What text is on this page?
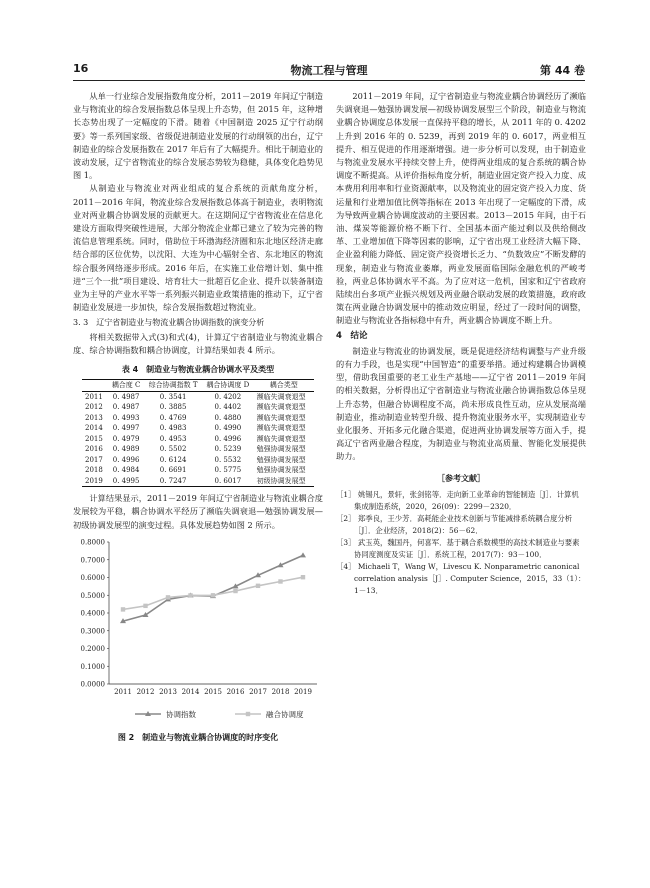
16	物流工程与管理	第 44 卷

从单一行业综合发展指数角度分析，2011－2019 年间辽宁制造业与物流业的综合发展指数总体呈现上升态势，但 2015 年，这种增长态势出现了一定幅度的下滑。随着《中国制造 2025 辽宁行动纲要》等一系列国家级、省级促进制造业发展的行动纲领的出台，辽宁制造业的综合发展指数在 2017 年后有了大幅提升。相比于制造业的波动发展，辽宁省物流业的综合发展态势较为稳健，具体变化趋势见图 1。

从制造业与物流业对两业组成的复合系统的贡献角度分析，2011－2016 年间，物流业综合发展指数总体高于制造业，表明物流业对两业耦合协调发展的贡献更大。在这期间辽宁省物流业在信息化建设方面取得突破性进展，大部分物流企业都已建立了较为完善的物流信息管理系统。同时，借助位于环渤海经济圈和东北地区经济走廊结合部的区位优势，以沈阳、大连为中心辐射全省、东北地区的物流综合服务网络逐步形成。2016 年后，在实施工业倍增计划、集中推进“三个一批”项目建设、培育壮大一批超百亿企业、提升以装备制造业为主导的产业水平等一系列振兴制造业政策措施的推动下，辽宁省制造业发展进一步加快，综合发展指数超过物流业。

3. 3　 辽宁省制造业与物流业耦合协调指数的演变分析

将相关数据带入式(3)和式(4)，计算辽宁省制造业与物流业耦合度、综合协调指数和耦合协调度，计算结果如表 4 所示。

表 4　制造业与物流业耦合协调水平及类型
	耦合度 C	综合协调指数 T	耦合协调度 D	耦合类型
2011	0. 4987	0. 3541	0. 4202	濒临失调衰退型
2012	0. 4987	0. 3885	0. 4402	濒临失调衰退型
2013	0. 4993	0. 4769	0. 4880	濒临失调衰退型
2014	0. 4997	0. 4983	0. 4990	濒临失调衰退型
2015	0. 4979	0. 4953	0. 4996	濒临失调衰退型
2016	0. 4989	0. 5502	0. 5239	勉强协调发展型
2017	0. 4996	0. 6124	0. 5532	勉强协调发展型
2018	0. 4984	0. 6691	0. 5775	勉强协调发展型
2019	0. 4995	0. 7247	0. 6017	初级协调发展型

计算结果显示，2011－2019 年间辽宁省制造业与物流业耦合度发展较为平稳，耦合协调水平经历了濒临失调衰退—勉强协调发展—初级协调发展型的演变过程。具体发展趋势如图 2 所示。

0.0000
0.1000
0.2000
0.3000
0.4000
0.5000
0.6000
0.7000
0.8000
2011 2012 2013 2014 2015 2016 2017 2018 2019
协调指数	融合协调度
图 2　制造业与物流业耦合协调度的时序变化

2011－2019 年间，辽宁省制造业与物流业耦合协调经历了濒临失调衰退—勉强协调发展—初级协调发展型三个阶段，制造业与物流业耦合协调度总体发展一直保持平稳的增长，从 2011 年的 0. 4202 上升到 2016 年的 0. 5239，再到 2019 年的 0. 6017，两业相互提升、相互促进的作用逐渐增强。进一步分析可以发现，由于制造业与物流业发展水平持续交替上升，使得两业组成的复合系统的耦合协调度不断提高。从评价指标角度分析，制造业固定资产投入力度、成本费用利用率和行业资源献率，以及物流业的固定资产投入力度、货运量和行业增加值比例等指标在 2013 年出现了一定幅度的下滑，成为导致两业耦合协调度波动的主要因素。2013－2015 年间，由于石油、煤炭等能源价格不断下行、全国基本面产能过剩以及供给侧改革、工业增加值下降等因素的影响，辽宁省出现工业经济大幅下降、企业盈利能力降低、固定资产投资增长乏力、“负数效应”不断发酵的现象，制造业与物流业萎靡，两业发展面临国际金融危机的严峻考验，两业总体协调水平不高。为了应对这一危机，国家和辽宁省政府陆续出台多项产业振兴规划及两业融合联动发展的政策措施，政府政策在两业融合协调发展中的推动效应明显，经过了一段时间的调整，制造业与物流业各指标稳中有升，两业耦合协调度不断上升。

4　 结论

制造业与物流业的协调发展，既是促进经济结构调整与产业升级的有力手段，也是实现“中国智造”的重要举措。通过构建耦合协调模型，借助我国重要的老工业生产基地——辽宁省 2011－2019 年间的相关数据，分析得出辽宁省制造业与物流业融合协调指数总体呈现上升态势，但融合协调程度不高，尚未形成良性互动，应从发展高端制造业，推动制造业转型升级、提升物流业服务水平，实现制造业专业化服务、开拓多元化融合渠道，促进两业协调发展等方面入手，提高辽宁省两业融合程度，为制造业与物流业高质量、智能化发展提供助力。

［参考文献］
［1］ 姚锡凡，景轩，张剑铭等．走向新工业革命的智能制造［J］．计算机集成制造系统，2020，26(09)：2299－2320．
［2］ 郑季良，王少芳．高耗能企业技术创新与节能减排系统耦合度分析［J］．企业经济，2018(2)：56－62．
［3］ 武玉英，魏国丹，何喜军．基于耦合系数模型的高技术制造业与要素协同度测度及实证［J］．系统工程，2017(7)：93－100．
［4］ Michaeli T，Wang W，Livescu K. Nonparametric canonical correlation analysis［J］. Computer Science，2015，33（1）：1－13．
